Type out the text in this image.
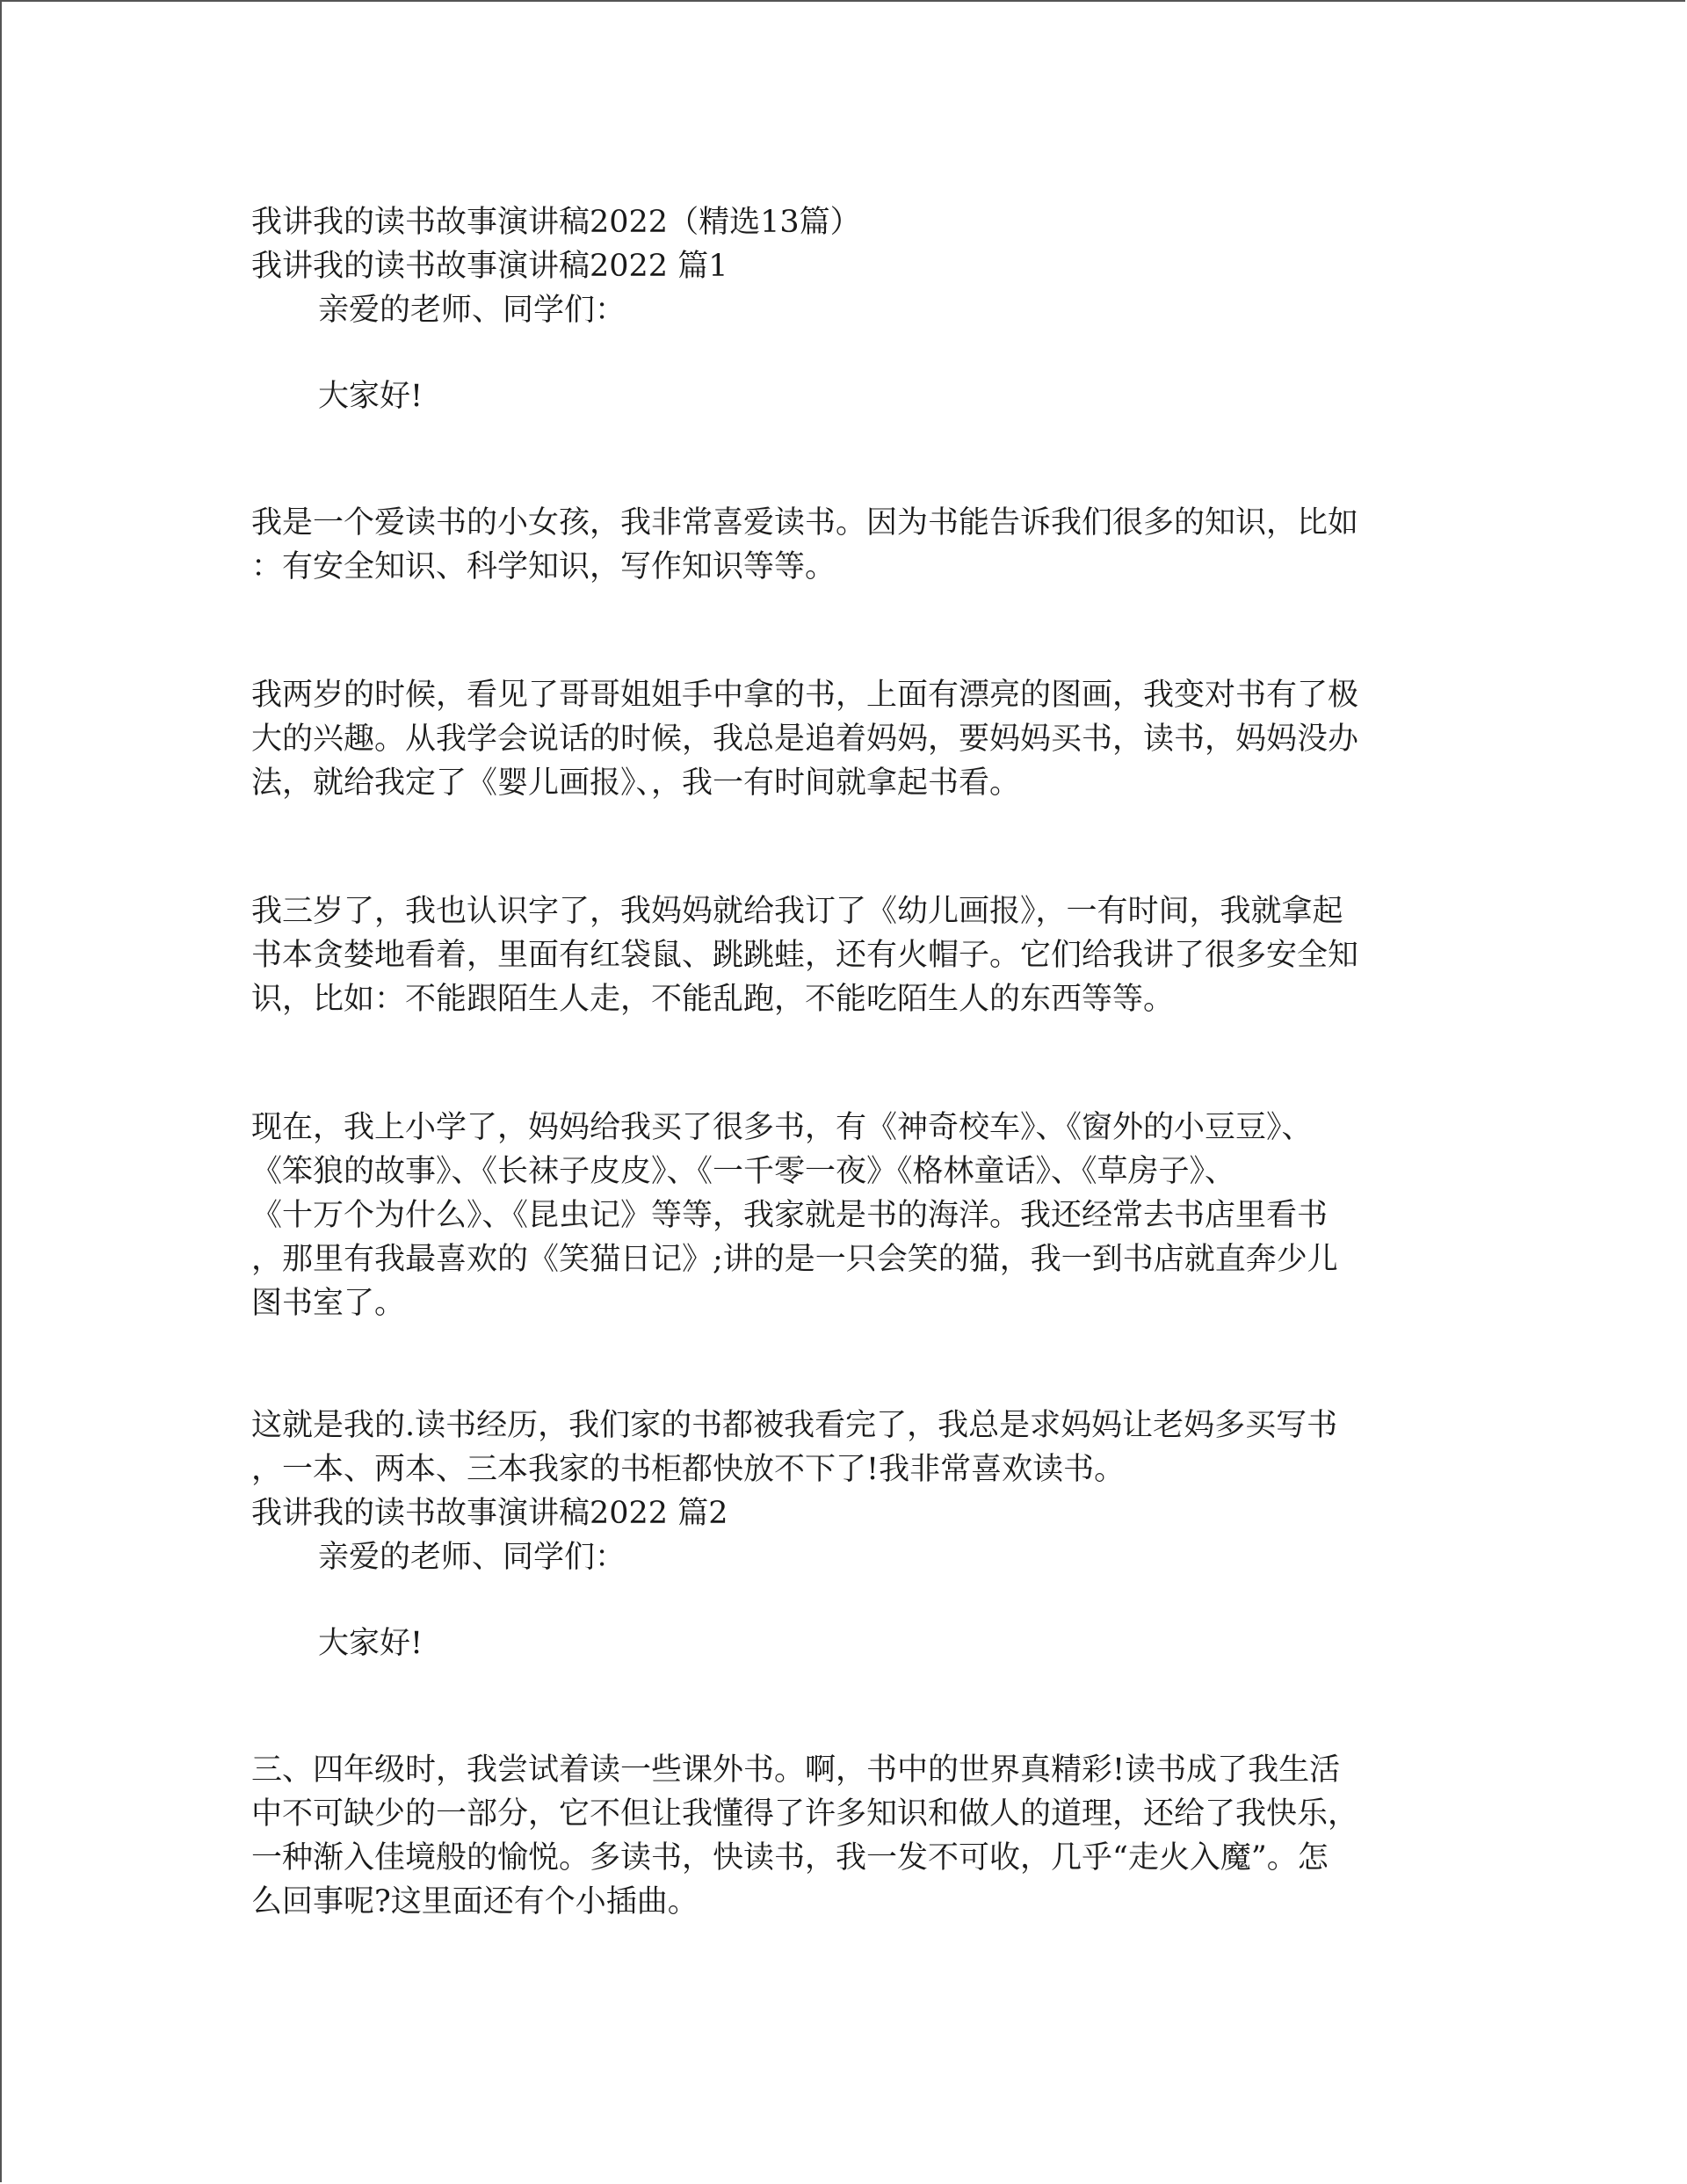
我讲我的读书故事演讲稿2022（精选13篇）

我讲我的读书故事演讲稿2022 篇1

亲爱的老师、同学们：

大家好!

我是一个爱读书的小女孩，我非常喜爱读书。因为书能告诉我们很多的知识，比如

：有安全知识、科学知识，写作知识等等。

我两岁的时候，看见了哥哥姐姐手中拿的书，上面有漂亮的图画，我变对书有了极

大的兴趣。从我学会说话的时候，我总是追着妈妈，要妈妈买书，读书，妈妈没办

法，就给我定了《婴儿画报》、，我一有时间就拿起书看。

我三岁了，我也认识字了，我妈妈就给我订了《幼儿画报》，一有时间，我就拿起

书本贪婪地看着，里面有红袋鼠、跳跳蛙，还有火帽子。它们给我讲了很多安全知

识，比如：不能跟陌生人走，不能乱跑，不能吃陌生人的东西等等。

现在，我上小学了，妈妈给我买了很多书，有《神奇校车》、《窗外的小豆豆》、

《笨狼的故事》、《长袜子皮皮》、《一千零一夜》《格林童话》、《草房子》、

《十万个为什么》、《昆虫记》等等，我家就是书的海洋。我还经常去书店里看书

，那里有我最喜欢的《笑猫日记》;讲的是一只会笑的猫，我一到书店就直奔少儿

图书室了。

这就是我的.读书经历，我们家的书都被我看完了，我总是求妈妈让老妈多买写书

，一本、两本、三本我家的书柜都快放不下了!我非常喜欢读书。

我讲我的读书故事演讲稿2022 篇2

亲爱的老师、同学们：

大家好!

三、四年级时，我尝试着读一些课外书。啊，书中的世界真精彩!读书成了我生活

中不可缺少的一部分，它不但让我懂得了许多知识和做人的道理，还给了我快乐，

一种渐入佳境般的愉悦。多读书，快读书，我一发不可收，几乎“走火入魔”。怎

么回事呢?这里面还有个小插曲。
